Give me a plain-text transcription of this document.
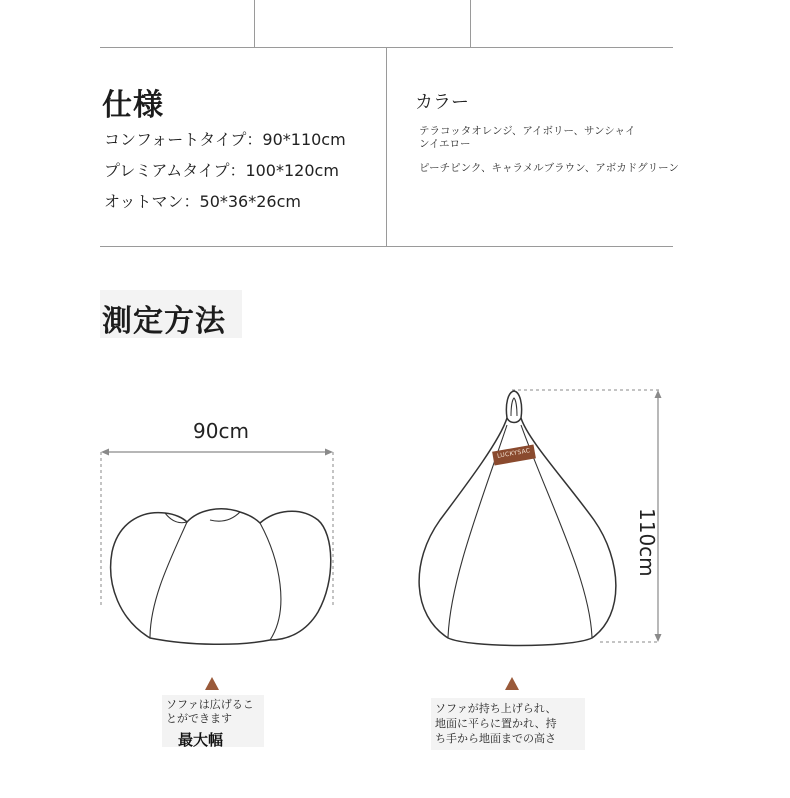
仕様
コンフォートタイプ：90*110cm
プレミアムタイプ：100*120cm
オットマン：50*36*26cm
カラー
テラコッタオレンジ、アイボリー、サンシャイ
ンイエロー
ピーチピンク、キャラメルブラウン、アボカドグリーン
測定方法
LUCKYSAC
90cm
110cm
ソファは広げるこ
とができます
最大幅
ソファが持ち上げられ、
地面に平らに置かれ、持
ち手から地面までの高さ
